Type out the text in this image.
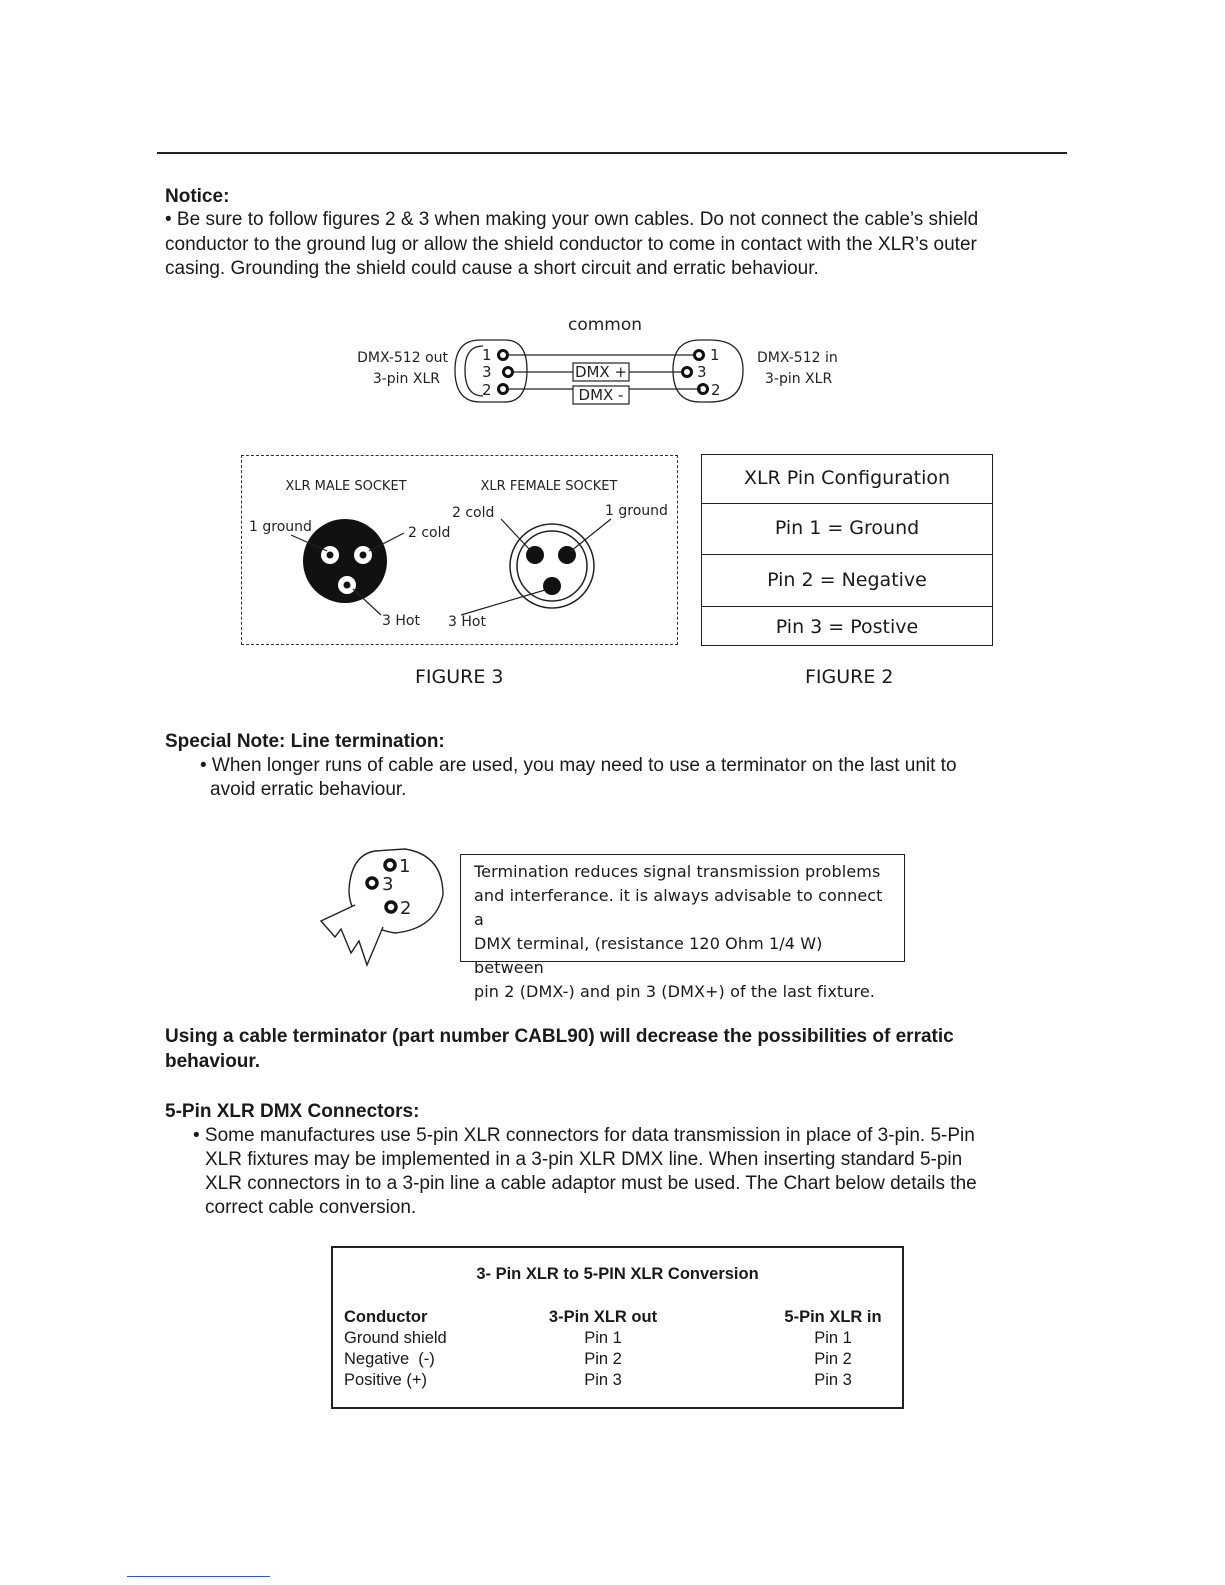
Notice:
• Be sure to follow figures 2 & 3 when making your own cables. Do not connect the cable’s shield
conductor to the ground lug or allow the shield conductor to come in contact with the XLR’s outer
casing. Grounding the shield could cause a short circuit and erratic behaviour.
common
DMX-512 out
3-pin XLR
DMX-512 in
3-pin XLR
1
3
2
DMX +
DMX -
1
3
2
XLR MALE SOCKET	XLR FEMALE SOCKET
1 ground	2 cold
3 Hot
2 cold	1 ground
3 Hot
FIGURE 3
XLR Pin Configuration
Pin 1 = Ground
Pin 2 = Negative
Pin 3 = Postive
FIGURE 2
Special Note: Line termination:
• When longer runs of cable are used, you may need to use a terminator on the last unit to
avoid erratic behaviour.
1
3
2
Termination reduces signal transmission problems
and interferance. it is always advisable to connect a
DMX terminal, (resistance 120 Ohm 1/4 W) between
pin 2 (DMX-) and pin 3 (DMX+) of the last fixture.
Using a cable terminator (part number CABL90) will decrease the possibilities of erratic
behaviour.
5-Pin XLR DMX Connectors:
• Some manufactures use 5-pin XLR connectors for data transmission in place of 3-pin. 5-Pin
XLR fixtures may be implemented in a 3-pin XLR DMX line. When inserting standard 5-pin
XLR connectors in to a 3-pin line a cable adaptor must be used. The Chart below details the
correct cable conversion.
3- Pin XLR to 5-PIN XLR Conversion
Conductor	3-Pin XLR out	5-Pin XLR in
Ground shield	Pin 1	Pin 1
Negative  (-)	Pin 2	Pin 2
Positive (+)	Pin 3	Pin 3
